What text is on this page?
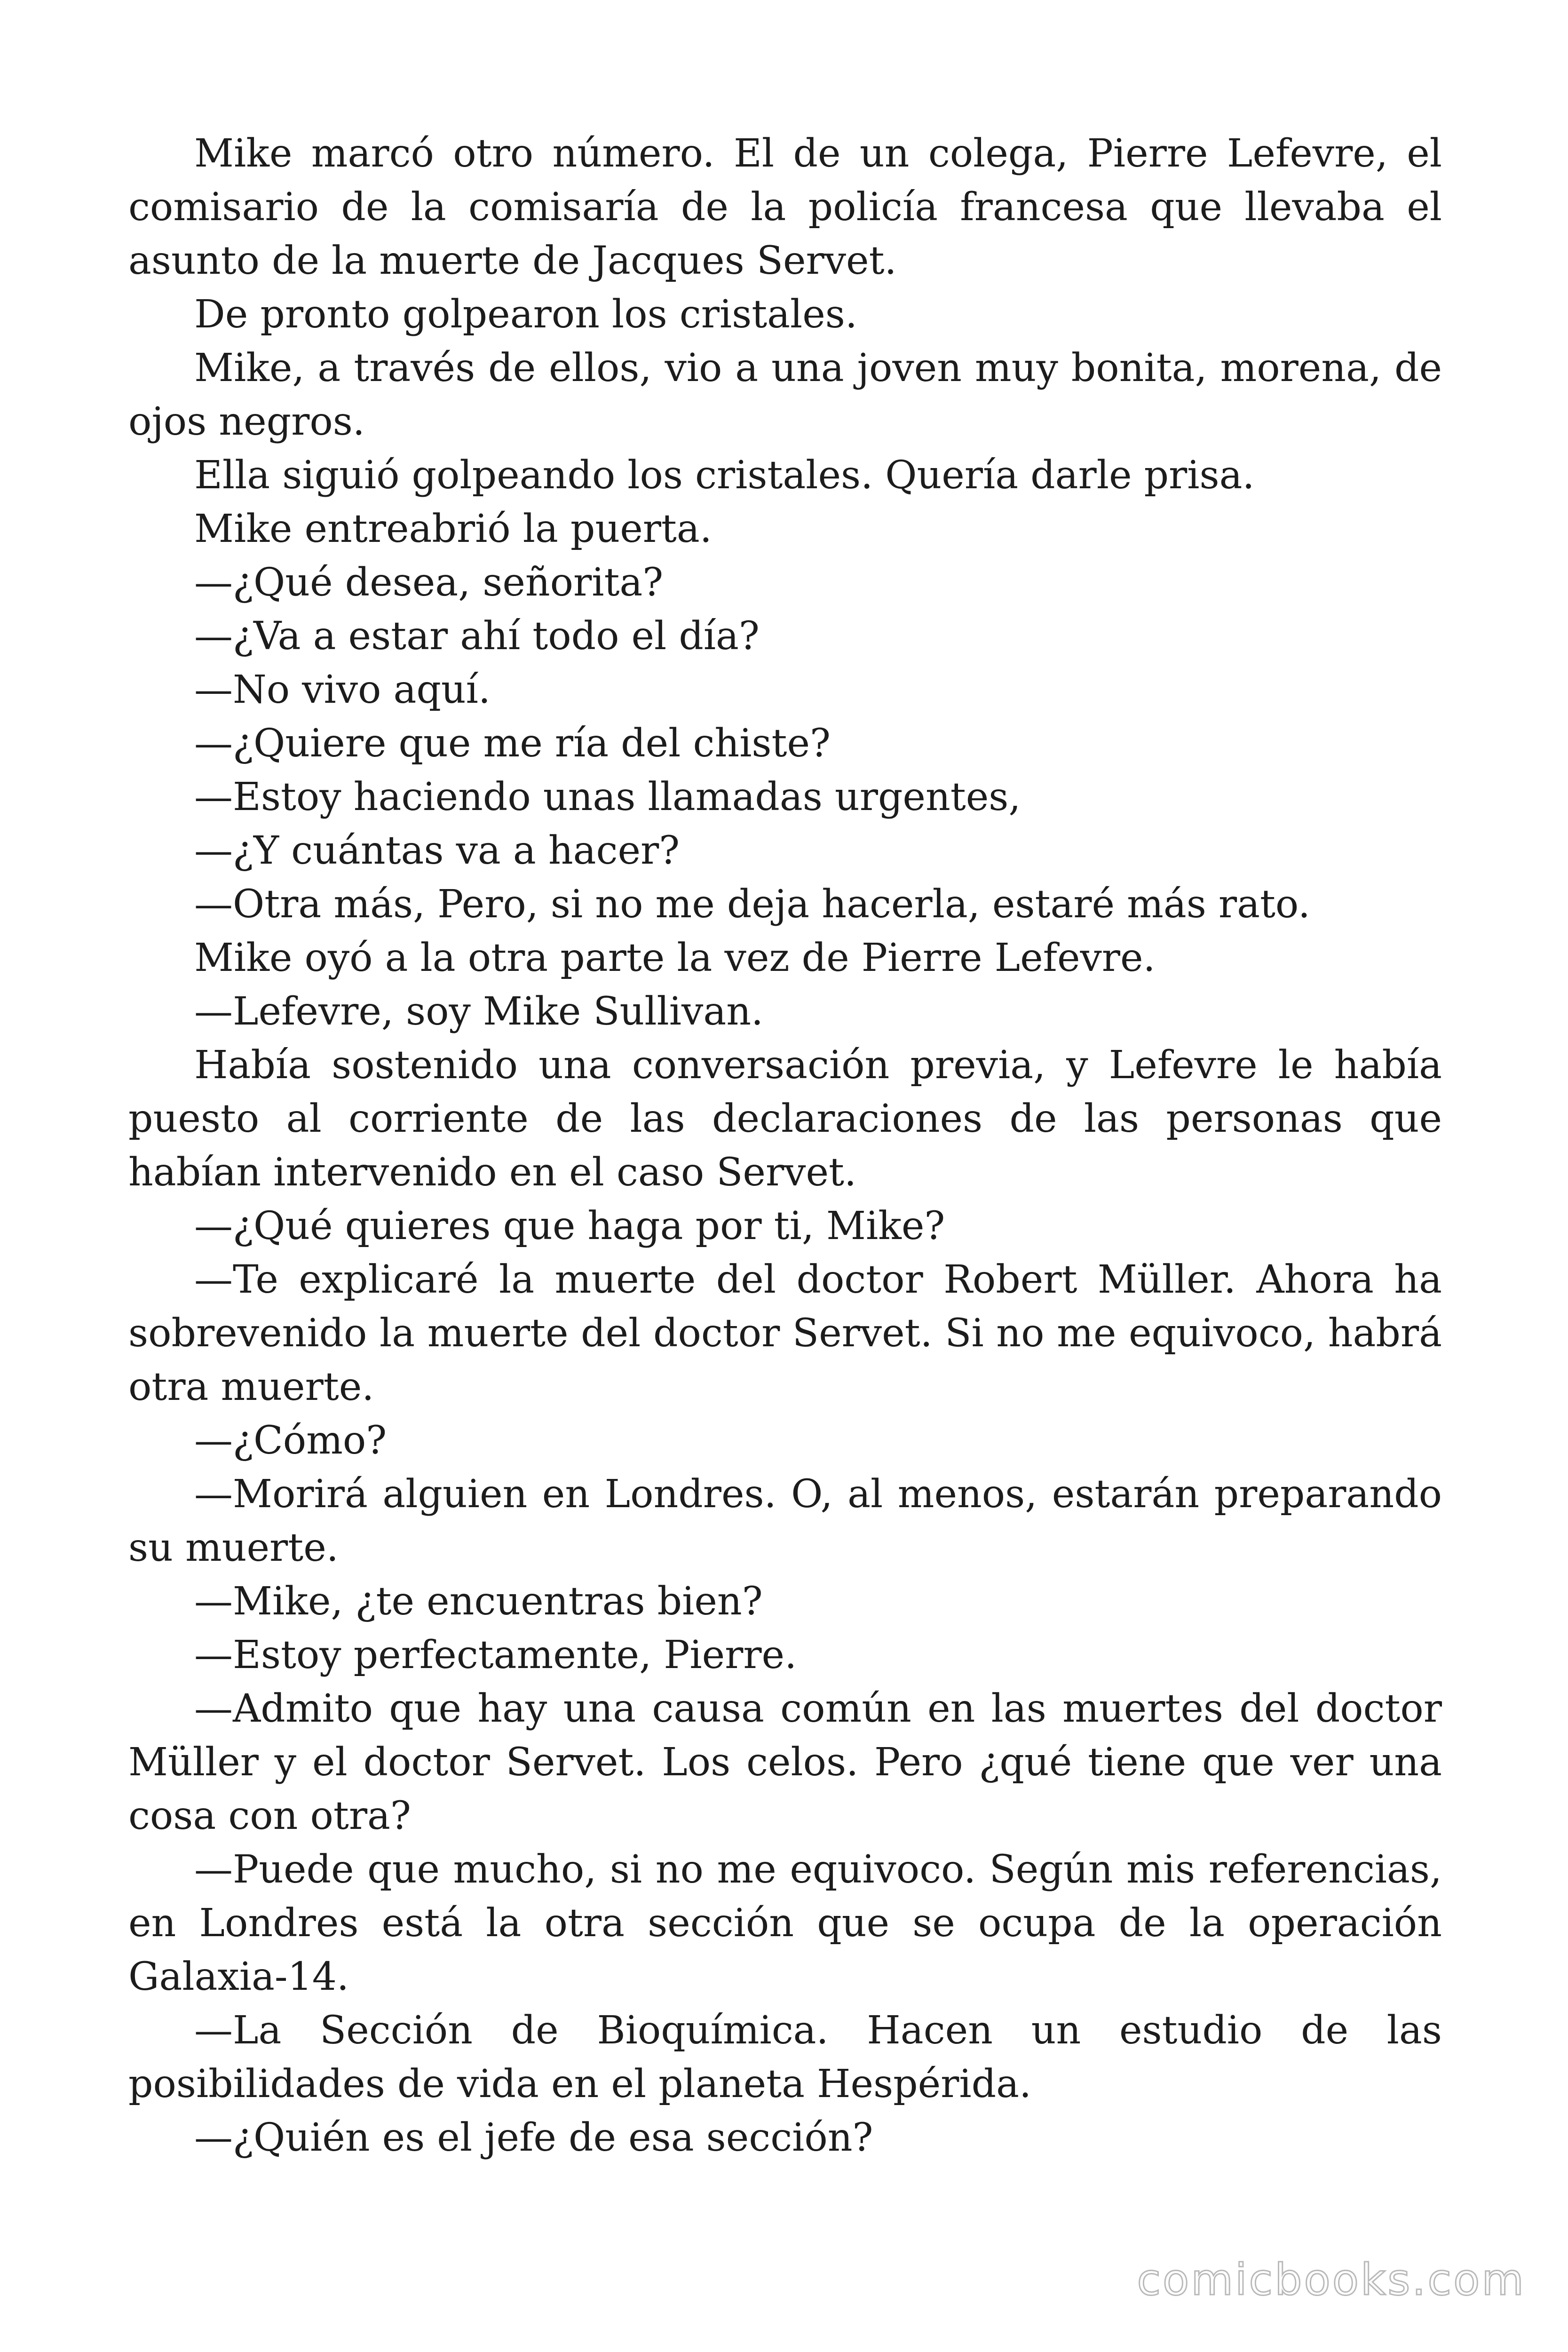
Mike marcó otro número. El de un colega, Pierre Lefevre, el comisario de la comisaría de la policía francesa que llevaba el asunto de la muerte de Jacques Servet.

De pronto golpearon los cristales.

Mike, a través de ellos, vio a una joven muy bonita, morena, de ojos negros.

Ella siguió golpeando los cristales. Quería darle prisa.

Mike entreabrió la puerta.

—¿Qué desea, señorita?

—¿Va a estar ahí todo el día?

—No vivo aquí.

—¿Quiere que me ría del chiste?

—Estoy haciendo unas llamadas urgentes,

—¿Y cuántas va a hacer?

—Otra más, Pero, si no me deja hacerla, estaré más rato.

Mike oyó a la otra parte la vez de Pierre Lefevre.

—Lefevre, soy Mike Sullivan.

Había sostenido una conversación previa, y Lefevre le había puesto al corriente de las declaraciones de las personas que habían intervenido en el caso Servet.

—¿Qué quieres que haga por ti, Mike?

—Te explicaré la muerte del doctor Robert Müller. Ahora ha sobrevenido la muerte del doctor Servet. Si no me equivoco, habrá otra muerte.

—¿Cómo?

—Morirá alguien en Londres. O, al menos, estarán preparando su muerte.

—Mike, ¿te encuentras bien?

—Estoy perfectamente, Pierre.

—Admito que hay una causa común en las muertes del doctor Müller y el doctor Servet. Los celos. Pero ¿qué tiene que ver una cosa con otra?

—Puede que mucho, si no me equivoco. Según mis referencias, en Londres está la otra sección que se ocupa de la operación Galaxia-14.

—La Sección de Bioquímica. Hacen un estudio de las posibilidades de vida en el planeta Hespérida.

—¿Quién es el jefe de esa sección?

comicbooks.com
